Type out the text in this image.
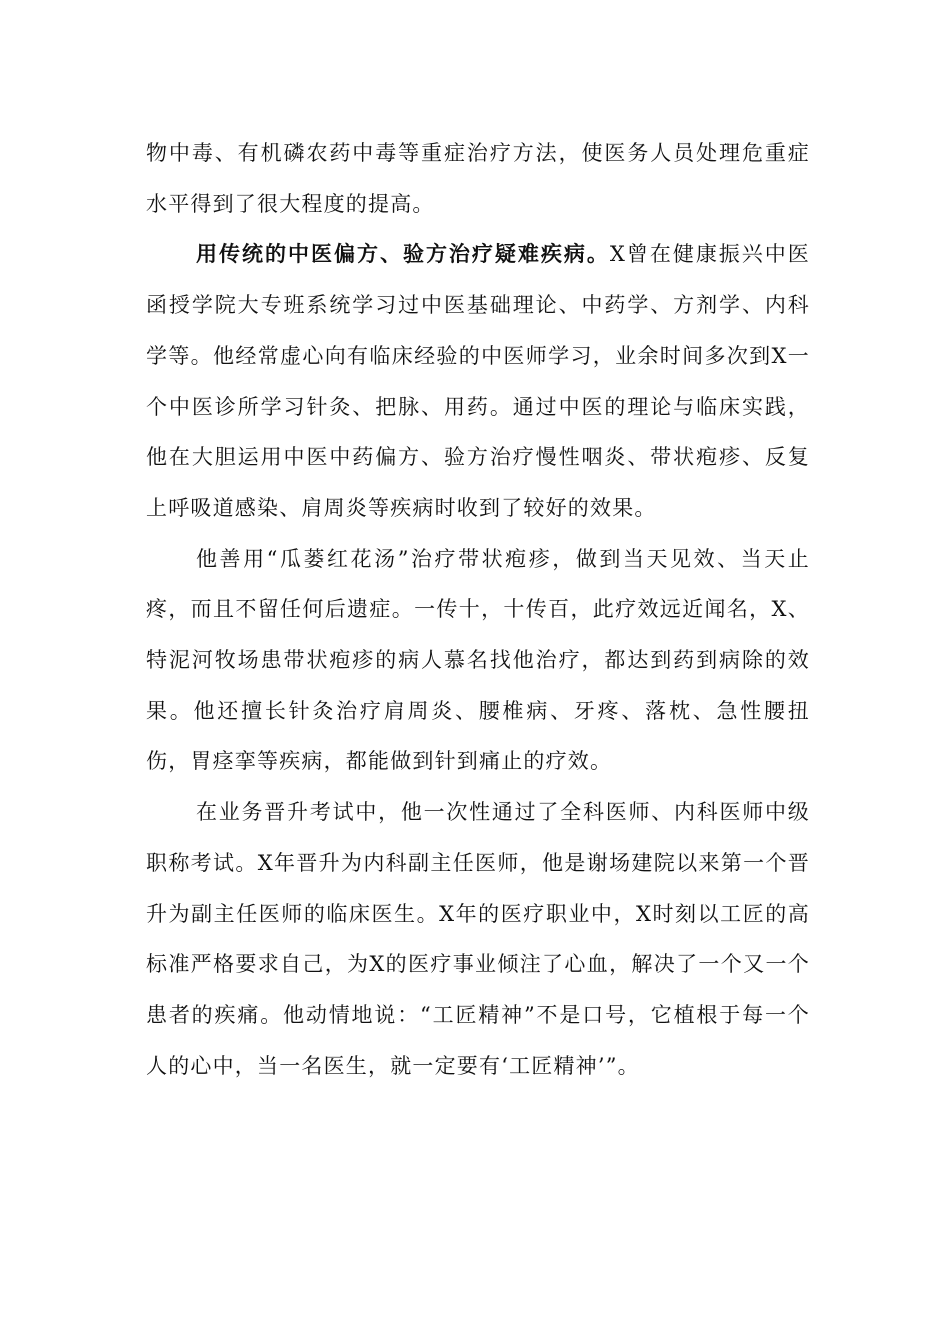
物中毒、有机磷农药中毒等重症治疗方法，使医务人员处理危重症水平得到了很大程度的提高。

用传统的中医偏方、验方治疗疑难疾病。X曾在健康振兴中医函授学院大专班系统学习过中医基础理论、中药学、方剂学、内科学等。他经常虚心向有临床经验的中医师学习，业余时间多次到X一个中医诊所学习针灸、把脉、用药。通过中医的理论与临床实践，他在大胆运用中医中药偏方、验方治疗慢性咽炎、带状疱疹、反复上呼吸道感染、肩周炎等疾病时收到了较好的效果。

他善用“瓜蒌红花汤”治疗带状疱疹，做到当天见效、当天止疼，而且不留任何后遗症。一传十，十传百，此疗效远近闻名，X、特泥河牧场患带状疱疹的病人慕名找他治疗，都达到药到病除的效果。他还擅长针灸治疗肩周炎、腰椎病、牙疼、落枕、急性腰扭伤，胃痉挛等疾病，都能做到针到痛止的疗效。

在业务晋升考试中，他一次性通过了全科医师、内科医师中级职称考试。X年晋升为内科副主任医师，他是谢场建院以来第一个晋升为副主任医师的临床医生。X年的医疗职业中，X时刻以工匠的高标准严格要求自己，为X的医疗事业倾注了心血，解决了一个又一个患者的疾痛。他动情地说：“工匠精神”不是口号，它植根于每一个人的心中，当一名医生，就一定要有‘工匠精神’”。
